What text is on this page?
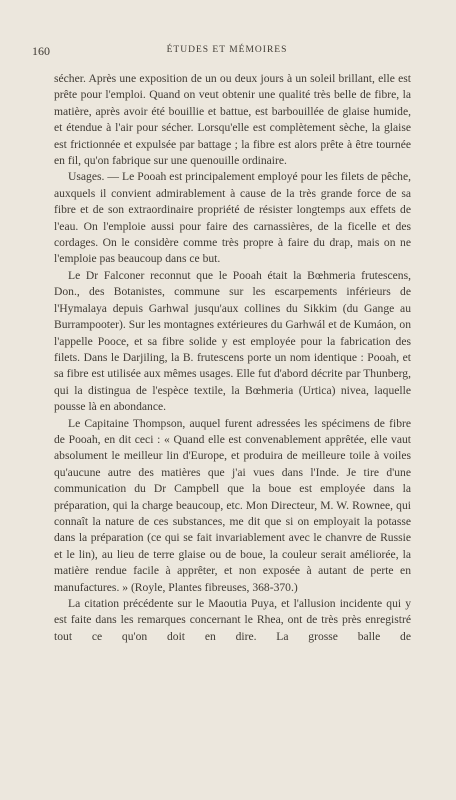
160	ÉTUDES ET MÉMOIRES

sécher. Après une exposition de un ou deux jours à un soleil brillant, elle est prête pour l'emploi. Quand on veut obtenir une qualité très belle de fibre, la matière, après avoir été bouillie et battue, est barbouillée de glaise humide, et étendue à l'air pour sécher. Lorsqu'elle est complètement sèche, la glaise est frictionnée et expulsée par battage ; la fibre est alors prête à être tournée en fil, qu'on fabrique sur une quenouille ordinaire.

Usages. — Le Pooah est principalement employé pour les filets de pêche, auxquels il convient admirablement à cause de la très grande force de sa fibre et de son extraordinaire propriété de résister longtemps aux effets de l'eau. On l'emploie aussi pour faire des carnassières, de la ficelle et des cordages. On le considère comme très propre à faire du drap, mais on ne l'emploie pas beaucoup dans ce but.

Le Dr Falconer reconnut que le Pooah était la Bœhmeria frutescens, Don., des Botanistes, commune sur les escarpements inférieurs de l'Hymalaya depuis Garhwal jusqu'aux collines du Sikkim (du Gange au Burrampooter). Sur les montagnes extérieures du Garhwál et de Kumáon, on l'appelle Pooce, et sa fibre solide y est employée pour la fabrication des filets. Dans le Darjiling, la B. frutescens porte un nom identique : Pooah, et sa fibre est utilisée aux mêmes usages. Elle fut d'abord décrite par Thunberg, qui la distingua de l'espèce textile, la Bœhmeria (Urtica) nivea, laquelle pousse là en abondance.

Le Capitaine Thompson, auquel furent adressées les spécimens de fibre de Pooah, en dit ceci : « Quand elle est convenablement apprêtée, elle vaut absolument le meilleur lin d'Europe, et produira de meilleure toile à voiles qu'aucune autre des matières que j'ai vues dans l'Inde. Je tire d'une communication du Dr Campbell que la boue est employée dans la préparation, qui la charge beaucoup, etc. Mon Directeur, M. W. Rownee, qui connaît la nature de ces substances, me dit que si on employait la potasse dans la préparation (ce qui se fait invariablement avec le chanvre de Russie et le lin), au lieu de terre glaise ou de boue, la couleur serait améliorée, la matière rendue facile à apprêter, et non exposée à autant de perte en manufactures. » (Royle, Plantes fibreuses, 368-370.)

La citation précédente sur le Maoutia Puya, et l'allusion incidente qui y est faite dans les remarques concernant le Rhea, ont de très près enregistré tout ce qu'on doit en dire. La grosse balle de
